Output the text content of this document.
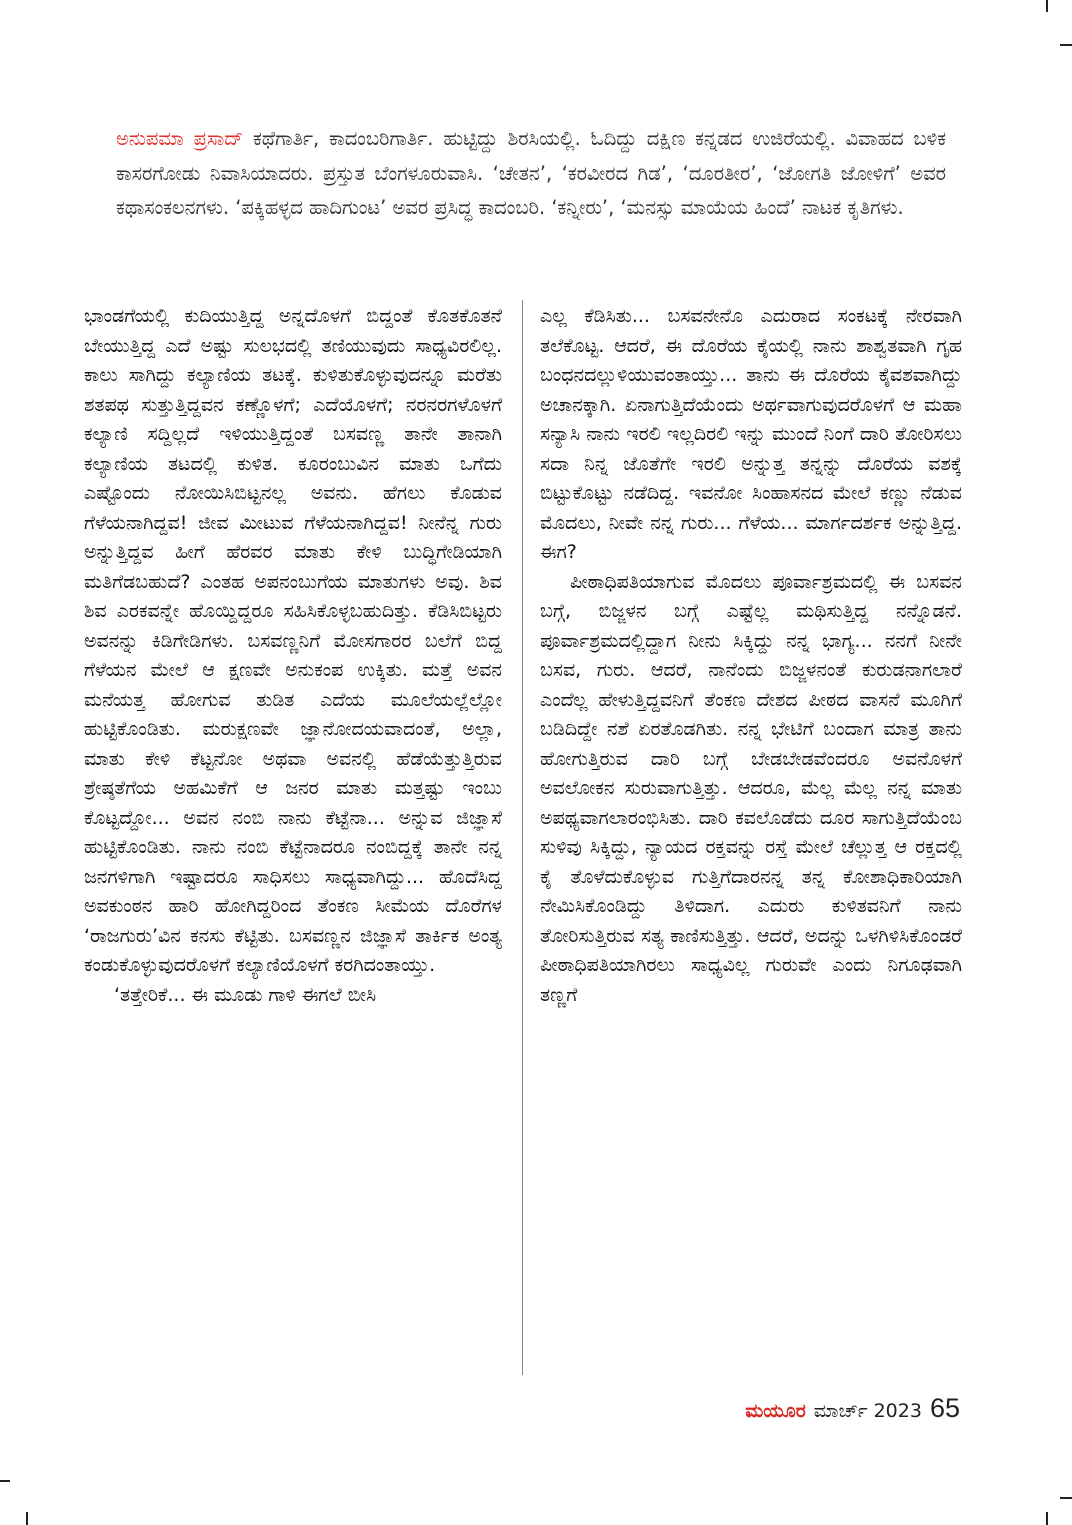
ಅನುಪಮಾ ಪ್ರಸಾದ್ ಕಥೆಗಾರ್ತಿ, ಕಾದಂಬರಿಗಾರ್ತಿ. ಹುಟ್ಟಿದ್ದು ಶಿರಸಿಯಲ್ಲಿ. ಓದಿದ್ದು ದಕ್ಷಿಣ ಕನ್ನಡದ ಉಜಿರೆಯಲ್ಲಿ. ವಿವಾಹದ ಬಳಿಕ ಕಾಸರಗೋಡು ನಿವಾಸಿಯಾದರು. ಪ್ರಸ್ತುತ ಬೆಂಗಳೂರುವಾಸಿ. ‘ಚೇತನ’, ‘ಕರವೀರದ ಗಿಡ’, ‘ದೂರತೀರ’, ‘ಜೋಗತಿ ಜೋಳಿಗೆ’ ಅವರ ಕಥಾಸಂಕಲನಗಳು. ‘ಪಕ್ಕಿಹಳ್ಳದ ಹಾದಿಗುಂಟ’ ಅವರ ಪ್ರಸಿದ್ಧ ಕಾದಂಬರಿ. ‘ಕನ್ನೀರು’, ‘ಮನಸ್ಸು ಮಾಯೆಯ ಹಿಂದೆ’ ನಾಟಕ ಕೃತಿಗಳು.

ಭಾಂಡಗೆಯಲ್ಲಿ ಕುದಿಯುತ್ತಿದ್ದ ಅನ್ನದೊಳಗೆ ಬಿದ್ದಂತೆ ಕೊತಕೊತನೆ ಬೇಯುತ್ತಿದ್ದ ಎದೆ ಅಷ್ಟು ಸುಲಭದಲ್ಲಿ ತಣಿಯುವುದು ಸಾಧ್ಯವಿರಲಿಲ್ಲ. ಕಾಲು ಸಾಗಿದ್ದು ಕಲ್ಯಾಣಿಯ ತಟಕ್ಕೆ. ಕುಳಿತುಕೊಳ್ಳುವುದನ್ನೂ ಮರೆತು ಶತಪಥ ಸುತ್ತುತ್ತಿದ್ದವನ ಕಣ್ಣೊಳಗೆ; ಎದೆಯೊಳಗೆ; ನರನರಗಳೊಳಗೆ ಕಲ್ಯಾಣಿ ಸದ್ದಿಲ್ಲದೆ ಇಳಿಯುತ್ತಿದ್ದಂತೆ ಬಸವಣ್ಣ ತಾನೇ ತಾನಾಗಿ ಕಲ್ಯಾಣಿಯ ತಟದಲ್ಲಿ ಕುಳಿತ. ಕೂರಂಬುವಿನ ಮಾತು ಒಗೆದು ಎಷ್ಟೊಂದು ನೋಯಿಸಿಬಿಟ್ಟನಲ್ಲ ಅವನು. ಹೆಗಲು ಕೊಡುವ ಗೆಳೆಯನಾಗಿದ್ದವ! ಜೀವ ಮೀಟುವ ಗೆಳೆಯನಾಗಿದ್ದವ! ನೀನೆನ್ನ ಗುರು ಅನ್ನುತ್ತಿದ್ದವ ಹೀಗೆ ಹೆರವರ ಮಾತು ಕೇಳಿ ಬುದ್ಧಿಗೇಡಿಯಾಗಿ ಮತಿಗೆಡಬಹುದೆ? ಎಂತಹ ಅಪನಂಬುಗೆಯ ಮಾತುಗಳು ಅವು. ಶಿವ ಶಿವ ಎರಕವನ್ನೇ ಹೊಯ್ದಿದ್ದರೂ ಸಹಿಸಿಕೊಳ್ಳಬಹುದಿತ್ತು. ಕೆಡಿಸಿಬಿಟ್ಟರು ಅವನನ್ನು ಕಿಡಿಗೇಡಿಗಳು. ಬಸವಣ್ಣನಿಗೆ ಮೋಸಗಾರರ ಬಲೆಗೆ ಬಿದ್ದ ಗೆಳೆಯನ ಮೇಲೆ ಆ ಕ್ಷಣವೇ ಅನುಕಂಪ ಉಕ್ಕಿತು. ಮತ್ತೆ ಅವನ ಮನೆಯತ್ತ ಹೋಗುವ ತುಡಿತ ಎದೆಯ ಮೂಲೆಯಲ್ಲೆಲ್ಲೋ ಹುಟ್ಟಿಕೊಂಡಿತು. ಮರುಕ್ಷಣವೇ ಜ್ಞಾನೋದಯವಾದಂತೆ, ಅಲ್ಲಾ, ಮಾತು ಕೇಳಿ ಕೆಟ್ಟನೋ ಅಥವಾ ಅವನಲ್ಲಿ ಹೆಡೆಯೆತ್ತುತ್ತಿರುವ ಶ್ರೇಷ್ಠತೆಗೆಯ ಅಹಮಿಕೆಗೆ ಆ ಜನರ ಮಾತು ಮತ್ತಷ್ಟು ಇಂಬು ಕೊಟ್ಟದ್ದೋ... ಅವನ ನಂಬಿ ನಾನು ಕೆಟ್ಟೆನಾ... ಅನ್ನುವ ಜಿಜ್ಞಾಸೆ ಹುಟ್ಟಿಕೊಂಡಿತು. ನಾನು ನಂಬಿ ಕೆಟ್ಟೆನಾದರೂ ನಂಬಿದ್ದಕ್ಕೆ ತಾನೇ ನನ್ನ ಜನಗಳಿಗಾಗಿ ಇಷ್ಟಾದರೂ ಸಾಧಿಸಲು ಸಾಧ್ಯವಾಗಿದ್ದು... ಹೊದೆಸಿದ್ದ ಅವಕುಂಠನ ಹಾರಿ ಹೋಗಿದ್ದರಿಂದ ತೆಂಕಣ ಸೀಮೆಯ ದೊರೆಗಳ ‘ರಾಜಗುರು’ವಿನ ಕನಸು ಕೆಟ್ಟಿತು. ಬಸವಣ್ಣನ ಜಿಜ್ಞಾಸೆ ತಾರ್ಕಿಕ ಅಂತ್ಯ ಕಂಡುಕೊಳ್ಳುವುದರೊಳಗೆ ಕಲ್ಯಾಣಿಯೊಳಗೆ ಕರಗಿದಂತಾಯ್ತು.

‘ತತ್ತೇರಿಕೆ... ಈ ಮೂಡು ಗಾಳಿ ಈಗಲೆ ಬೀಸಿ

ಎಲ್ಲ ಕೆಡಿಸಿತು... ಬಸವನೇನೊ ಎದುರಾದ ಸಂಕಟಕ್ಕೆ ನೇರವಾಗಿ ತಲೆಕೊಟ್ಟ. ಆದರೆ, ಈ ದೊರೆಯ ಕೈಯಲ್ಲಿ ನಾನು ಶಾಶ್ವತವಾಗಿ ಗೃಹ ಬಂಧನದಲ್ಲುಳಿಯುವಂತಾಯ್ತು... ತಾನು ಈ ದೊರೆಯ ಕೈವಶವಾಗಿದ್ದು ಅಚಾನಕ್ಕಾಗಿ. ಏನಾಗುತ್ತಿದೆಯೆಂದು ಅರ್ಥವಾಗುವುದರೊಳಗೆ ಆ ಮಹಾ ಸನ್ಯಾಸಿ ನಾನು ಇರಲಿ ಇಲ್ಲದಿರಲಿ ಇನ್ನು ಮುಂದೆ ನಿಂಗೆ ದಾರಿ ತೋರಿಸಲು ಸದಾ ನಿನ್ನ ಜೊತೆಗೇ ಇರಲಿ ಅನ್ನುತ್ತ ತನ್ನನ್ನು ದೊರೆಯ ವಶಕ್ಕೆ ಬಿಟ್ಟುಕೊಟ್ಟು ನಡೆದಿದ್ದ. ಇವನೋ ಸಿಂಹಾಸನದ ಮೇಲೆ ಕಣ್ಣು ನೆಡುವ ಮೊದಲು, ನೀವೇ ನನ್ನ ಗುರು... ಗೆಳೆಯ... ಮಾರ್ಗದರ್ಶಕ ಅನ್ನುತ್ತಿದ್ದ. ಈಗ?

ಪೀಠಾಧಿಪತಿಯಾಗುವ ಮೊದಲು ಪೂರ್ವಾಶ್ರಮದಲ್ಲಿ ಈ ಬಸವನ ಬಗ್ಗೆ, ಬಿಜ್ಜಳನ ಬಗ್ಗೆ ಎಷ್ಟೆಲ್ಲ ಮಥಿಸುತ್ತಿದ್ದ ನನ್ನೊಡನೆ. ಪೂರ್ವಾಶ್ರಮದಲ್ಲಿದ್ದಾಗ ನೀನು ಸಿಕ್ಕಿದ್ದು ನನ್ನ ಭಾಗ್ಯ... ನನಗೆ ನೀನೇ ಬಸವ, ಗುರು. ಆದರೆ, ನಾನೆಂದು ಬಿಜ್ಜಳನಂತೆ ಕುರುಡನಾಗಲಾರೆ ಎಂದೆಲ್ಲ ಹೇಳುತ್ತಿದ್ದವನಿಗೆ ತೆಂಕಣ ದೇಶದ ಪೀಠದ ವಾಸನೆ ಮೂಗಿಗೆ ಬಡಿದಿದ್ದೇ ನಶೆ ಏರತೊಡಗಿತು. ನನ್ನ ಭೇಟಿಗೆ ಬಂದಾಗ ಮಾತ್ರ ತಾನು ಹೋಗುತ್ತಿರುವ ದಾರಿ ಬಗ್ಗೆ ಬೇಡಬೇಡವೆಂದರೂ ಅವನೊಳಗೆ ಅವಲೋಕನ ಸುರುವಾಗುತ್ತಿತ್ತು. ಆದರೂ, ಮೆಲ್ಲ ಮೆಲ್ಲ ನನ್ನ ಮಾತು ಅಪಥ್ಯವಾಗಲಾರಂಭಿಸಿತು. ದಾರಿ ಕವಲೊಡೆದು ದೂರ ಸಾಗುತ್ತಿದೆಯೆಂಬ ಸುಳಿವು ಸಿಕ್ಕಿದ್ದು, ನ್ಯಾಯದ ರಕ್ತವನ್ನು ರಸ್ತೆ ಮೇಲೆ ಚೆಲ್ಲುತ್ತ ಆ ರಕ್ತದಲ್ಲಿ ಕೈ ತೊಳೆದುಕೊಳ್ಳುವ ಗುತ್ತಿಗೆದಾರನನ್ನ ತನ್ನ ಕೋಶಾಧಿಕಾರಿಯಾಗಿ ನೇಮಿಸಿಕೊಂಡಿದ್ದು ತಿಳಿದಾಗ. ಎದುರು ಕುಳಿತವನಿಗೆ ನಾನು ತೋರಿಸುತ್ತಿರುವ ಸತ್ಯ ಕಾಣಿಸುತ್ತಿತ್ತು. ಆದರೆ, ಅದನ್ನು ಒಳಗಿಳಿಸಿಕೊಂಡರೆ ಪೀಠಾಧಿಪತಿಯಾಗಿರಲು ಸಾಧ್ಯವಿಲ್ಲ ಗುರುವೇ ಎಂದು ನಿಗೂಢವಾಗಿ ತಣ್ಣಗೆ

ಮಯೂರ ಮಾರ್ಚ್ 2023 65
